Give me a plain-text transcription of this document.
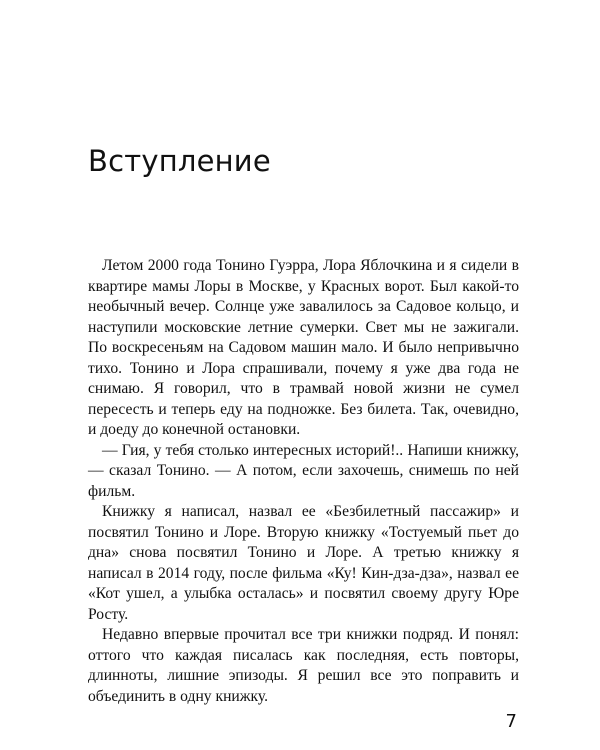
Вступление

Летом 2000 года Тонино Гуэрра, Лора Яблочкина и я сидели в квартире мамы Лоры в Москве, у Красных ворот. Был какой-то необычный вечер. Солнце уже завалилось за Садовое кольцо, и наступили московские летние сумерки. Свет мы не зажигали. По воскресеньям на Садовом машин мало. И было непривычно тихо. Тонино и Лора спрашивали, почему я уже два года не снимаю. Я говорил, что в трамвай новой жизни не сумел пересесть и теперь еду на подножке. Без билета. Так, очевидно, и доеду до конечной остановки.

— Гия, у тебя столько интересных историй!.. Напиши книжку, — сказал Тонино. — А потом, если захочешь, снимешь по ней фильм.

Книжку я написал, назвал ее «Безбилетный пассажир» и посвятил Тонино и Лоре. Вторую книжку «Тостуемый пьет до дна» снова посвятил Тонино и Лоре. А третью книжку я написал в 2014 году, после фильма «Ку! Кин-дза-дза», назвал ее «Кот ушел, а улыбка осталась» и посвятил своему другу Юре Росту.

Недавно впервые прочитал все три книжки подряд. И понял: оттого что каждая писалась как последняя, есть повторы, длинноты, лишние эпизоды. Я решил все это поправить и объединить в одну книжку.

7
